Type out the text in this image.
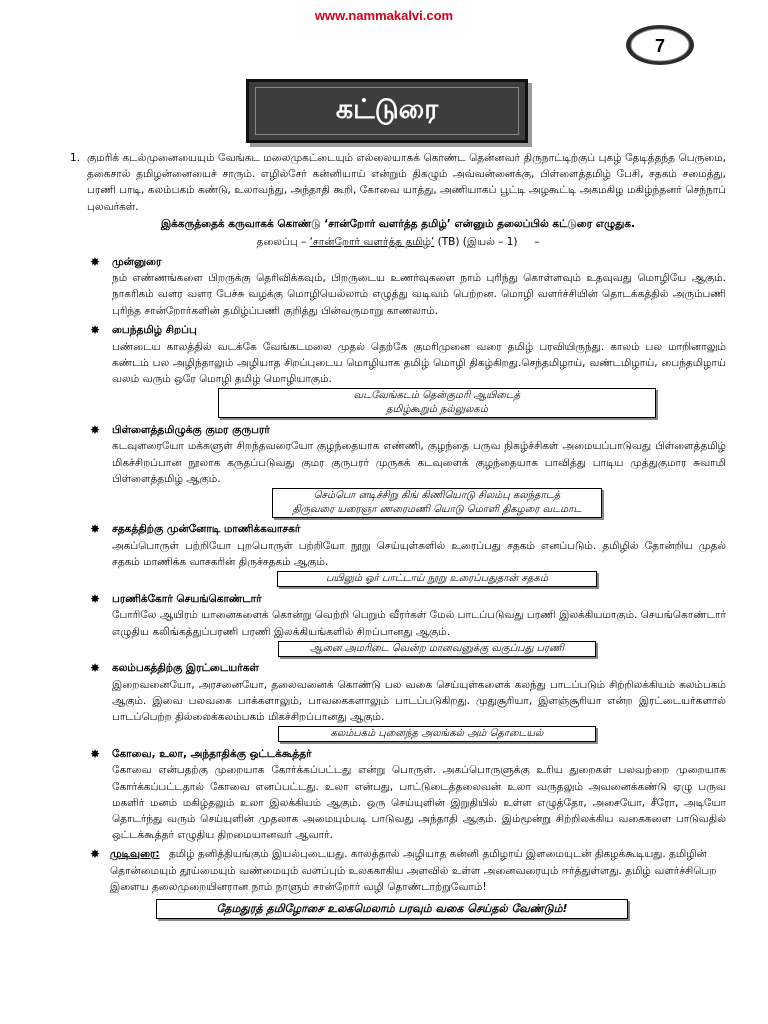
www.nammakalvi.com
7
கட்டுரை
1. குமரிக் கடல்முனையையும் வேங்கட மலைமுகட்டையும் எல்லையாகக் கொண்ட தென்னவர் திருநாட்டிற்குப் புகழ் தேடித்தந்த பெருமை, தகைசால் தமிழன்னையைச் சாரும். எழில்சேர் கன்னியாய் என்றும் திகழும் அவ்வன்னைக்கு, பிள்ளைத்தமிழ் பேசி, சதகம் சமைத்து, பரணி பாடி, கலம்பகம் கண்டு, உலாவந்து, அந்தாதி கூறி, கோவை யாத்து, அணியாகப் பூட்டி அழகூட்டி அகமகிழ மகிழ்ந்தனர் செந்நாப் புலவர்கள்.
இக்கருத்தைக் கருவாகக் கொண்டு ‘சான்றோர் வளர்த்த தமிழ்’ என்னும் தலைப்பில் கட்டுரை எழுதுக.
தலைப்பு – ‘சான்றோர் வளர்த்த தமிழ்’ (TB) (இயல் – 1) –
✸	முன்னுரை
நம் எண்ணங்களை பிறருக்கு தெரிவிக்கவும், பிறருடைய உணர்வுகளை நாம் புரிந்து கொள்ளவும் உதவுவது மொழியே ஆகும். நாகரிகம் வளர வளர பேச்சு வழக்கு மொழியெல்லாம் எழுத்து வடிவம் பெற்றன. மொழி வளர்ச்சியின் தொடக்கத்தில் அரும்பணி புரிந்த சான்றோர்களின் தமிழ்ப்பணி குறித்து பின்வருமாறு காணலாம்.
✸	பைந்தமிழ் சிறப்பு
பண்டைய காலத்தில் வடக்கே வேங்கடமலை முதல் தெற்கே குமரிமுனை வரை தமிழ் பரவியிருந்து. காலம் பல மாறினாலும் கண்டம் பல அழிந்தாலும் அழியாத சிறப்புடைய மொழியாக தமிழ் மொழி திகழ்கிறது.செந்தமிழாய், வண்டமிழாய், பைந்தமிழாய் வலம் வரும் ஒரே மொழி தமிழ் மொழியாகும்.
வடவேங்கடம் தென்குமரி ஆயிடைத்
தமிழ்கூறும் நல்லுலகம்
✸	பிள்ளைத்தமிழுக்கு குமர குருபரர்
கடவுளரையோ மக்களுள் சிறந்தவரையோ குழந்தையாக எண்ணி, குழந்தை பருவ நிகழ்ச்சிகள் அமையப்பாடுவது பிள்ளைத்தமிழ் மிகச்சிறப்பான நூலாக கருதப்படுவது குமர குருபரர் முருகக் கடவுளைக் குழந்தையாக பாவித்து பாடிய முத்துகுமார சுவாமி பிள்ளைத்தமிழ் ஆகும்.
செம்பொ னடிச்சிறு கிங் கிணியொடு சிலம்பு கலந்தாடத்
திருவரை யரைஞா ணரைமணி யொடு மொளி திகழரை வடமாட
✸	சதகத்திற்கு முன்னோடி மாணிக்கவாசகர்
அகப்பொருள் பற்றியோ புறபொருள் பற்றியோ நூறு செய்யுள்களில் உரைப்பது சதகம் எனப்படும். தமிழில் தோன்றிய முதல் சதகம் மாணிக்க வாசகரின் திருச்சதகம் ஆகும்.
பயிலும் ஓர் பாட்டாய் நூறு உரைப்பதுதான் சதகம்
✸	பரணிக்கோர் செயங்கொண்டார்
போரிலே ஆயிரம் யானைகளைக் கொன்று வெற்றி பெறும் வீரர்கள் மேல் பாடப்படுவது பரணி இலக்கியமாகும். செயங்கொண்டார் எழுதிய கலிங்கத்துப்பரணி பரணி இலக்கியங்களில் சிறப்பானது ஆகும்.
ஆனை அமரிடை வென்ற மானவனுக்கு வகுப்பது பரணி
✸	கலம்பகத்திற்கு இரட்டையர்கள்
இறைவனையோ, அரசனையோ, தலைவனைக் கொண்டு பல வகை செய்யுள்களைக் கலந்து பாடப்படும் சிற்றிலக்கியம் கலம்பகம் ஆகும். இவை பலவகை பாக்களாலும், பாவகைகளாலும் பாடப்படுகிறது. முதுசூரியா, இளஞ்சூரியா என்ற இரட்டையர்களால் பாடப்பெற்ற தில்லைக்கலம்பகம் மிகச்சிறப்பானது ஆகும்.
கலம்பகம் புனைந்த அலங்கல் அம் தொடையல்
✸	கோவை, உலா, அந்தாதிக்கு ஒட்டக்கூத்தர்
கோவை என்பதற்கு முறையாக கோர்க்கப்பட்டது என்று பொருள். அகப்பொருளுக்கு உரிய துறைகள் பலவற்றை முறையாக கோர்க்கப்பட்டதால் கோவை எனப்பட்டது. உலா என்பது, பாட்டுடைத்தலைவன் உலா வருதலும் அவனைக்கண்டு ஏழு பருவ மகளிர் மனம் மகிழ்தலும் உலா இலக்கியம் ஆகும். ஒரு செய்யுளின் இறுதியில் உள்ள எழுத்தோ, அசையோ, சீரோ, அடியோ தொடர்ந்து வரும் செய்யுளின் முதலாக அமையும்படி பாடுவது அந்தாதி ஆகும். இம்மூன்று சிற்றிலக்கிய வகைகளை பாடுவதில் ஒட்டக்கூத்தர் எழுதிய திறமையானவர் ஆவார்.
✸ முடிவுரை: தமிழ் தனித்தியங்கும் இயல்புடையது. காலத்தால் அழியாத கன்னி தமிழாய் இளமையுடன் திகழக்கூடியது. தமிழின் தொன்மையும் தூய்மையும் வண்மையும் வளப்பும் உலககாகிய அளவில் உள்ள அனைவரையும் ஈர்த்துள்ளது. தமிழ் வளர்ச்சிபெற இளைய தலைமுறையினரான நாம் நாளும் சான்றோர் வழி தொண்டாற்றுவோம்!
தேமதுரத் தமிழோசை உலகமெலாம் பரவும் வகை செய்தல் வேண்டும்!
